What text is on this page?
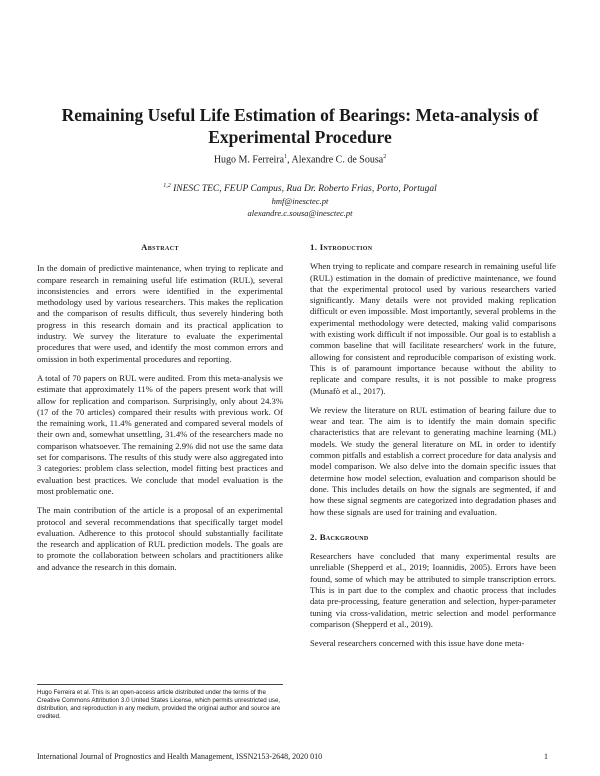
Remaining Useful Life Estimation of Bearings: Meta-analysis of Experimental Procedure
Hugo M. Ferreira$^1$, Alexandre C. de Sousa$^2$
$^{1,2}$ INESC TEC, FEUP Campus, Rua Dr. Roberto Frias, Porto, Portugal
hmf@inesctec.pt
alexandre.c.sousa@inesctec.pt
Abstract

In the domain of predictive maintenance, when trying to replicate and compare research in remaining useful life estimation (RUL), several inconsistencies and errors were identified in the experimental methodology used by various researchers. This makes the replication and the comparison of results difficult, thus severely hindering both progress in this research domain and its practical application to industry. We survey the literature to evaluate the experimental procedures that were used, and identify the most common errors and omission in both experimental procedures and reporting.

A total of 70 papers on RUL were audited. From this meta-analysis we estimate that approximately 11% of the papers present work that will allow for replication and comparison. Surprisingly, only about 24.3% (17 of the 70 articles) compared their results with previous work. Of the remaining work, 11.4% generated and compared several models of their own and, somewhat unsettling, 31.4% of the researchers made no comparison whatsoever. The remaining 2.9% did not use the same data set for comparisons. The results of this study were also aggregated into 3 categories: problem class selection, model fitting best practices and evaluation best practices. We conclude that model evaluation is the most problematic one.

The main contribution of the article is a proposal of an experimental protocol and several recommendations that specifically target model evaluation. Adherence to this protocol should substantially facilitate the research and application of RUL prediction models. The goals are to promote the collaboration between scholars and practitioners alike and advance the research in this domain.

Hugo Ferreira et al. This is an open-access article distributed under the terms of the Creative Commons Attribution 3.0 United States License, which permits unrestricted use, distribution, and reproduction in any medium, provided the original author and source are credited.
1. Introduction

When trying to replicate and compare research in remaining useful life (RUL) estimation in the domain of predictive maintenance, we found that the experimental protocol used by various researchers varied significantly. Many details were not provided making replication difficult or even impossible. Most importantly, several problems in the experimental methodology were detected, making valid comparisons with existing work difficult if not impossible. Our goal is to establish a common baseline that will facilitate researchers' work in the future, allowing for consistent and reproducible comparison of existing work. This is of paramount importance because without the ability to replicate and compare results, it is not possible to make progress (Munafò et al., 2017).

We review the literature on RUL estimation of bearing failure due to wear and tear. The aim is to identify the main domain specific characteristics that are relevant to generating machine learning (ML) models. We study the general literature on ML in order to identify common pitfalls and establish a correct procedure for data analysis and model comparison. We also delve into the domain specific issues that determine how model selection, evaluation and comparison should be done. This includes details on how the signals are segmented, if and how these signal segments are categorized into degradation phases and how these signals are used for training and evaluation.

2. Background

Researchers have concluded that many experimental results are unreliable (Shepperd et al., 2019; Ioannidis, 2005). Errors have been found, some of which may be attributed to simple transcription errors. This is in part due to the complex and chaotic process that includes data pre-processing, feature generation and selection, hyper-parameter tuning via cross-validation, metric selection and model performance comparison (Shepperd et al., 2019).

Several researchers concerned with this issue have done meta-

International Journal of Prognostics and Health Management, ISSN2153-2648, 2020 010	1
